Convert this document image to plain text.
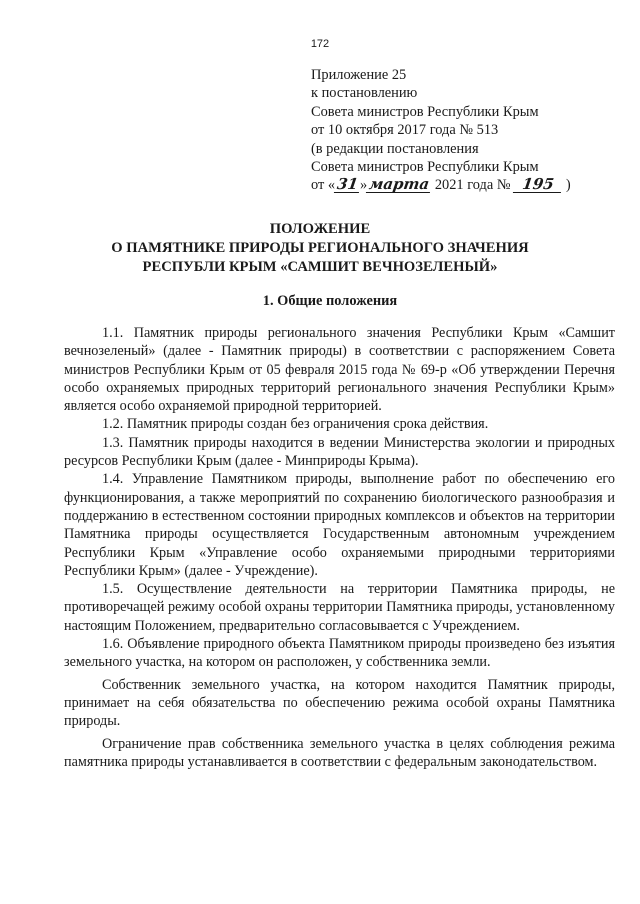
172
Приложение 25
к постановлению
Совета министров Республики Крым
от 10 октября 2017 года № 513
(в редакции постановления
Совета министров Республики Крым
от «31»марта 2021 года № 195 )
ПОЛОЖЕНИЕ
О ПАМЯТНИКЕ ПРИРОДЫ РЕГИОНАЛЬНОГО ЗНАЧЕНИЯ
РЕСПУБЛИ КРЫМ «САМШИТ ВЕЧНОЗЕЛЕНЫЙ»
1. Общие положения

1.1. Памятник природы регионального значения Республики Крым «Самшит вечнозеленый» (далее - Памятник природы) в соответствии с распоряжением Совета министров Республики Крым от 05 февраля 2015 года № 69-р «Об утверждении Перечня особо охраняемых природных территорий регионального значения Республики Крым» является особо охраняемой природной территорией.

1.2. Памятник природы создан без ограничения срока действия.

1.3. Памятник природы находится в ведении Министерства экологии и природных ресурсов Республики Крым (далее - Минприроды Крыма).

1.4. Управление Памятником природы, выполнение работ по обеспечению его функционирования, а также мероприятий по сохранению биологического разнообразия и поддержанию в естественном состоянии природных комплексов и объектов на территории Памятника природы осуществляется Государственным автономным учреждением Республики Крым «Управление особо охраняемыми природными территориями Республики Крым» (далее - Учреждение).

1.5. Осуществление деятельности на территории Памятника природы, не противоречащей режиму особой охраны территории Памятника природы, установленному настоящим Положением, предварительно согласовывается с Учреждением.

1.6. Объявление природного объекта Памятником природы произведено без изъятия земельного участка, на котором он расположен, у собственника земли.

Собственник земельного участка, на котором находится Памятник природы, принимает на себя обязательства по обеспечению режима особой охраны Памятника природы.

Ограничение прав собственника земельного участка в целях соблюдения режима памятника природы устанавливается в соответствии с федеральным законодательством.
